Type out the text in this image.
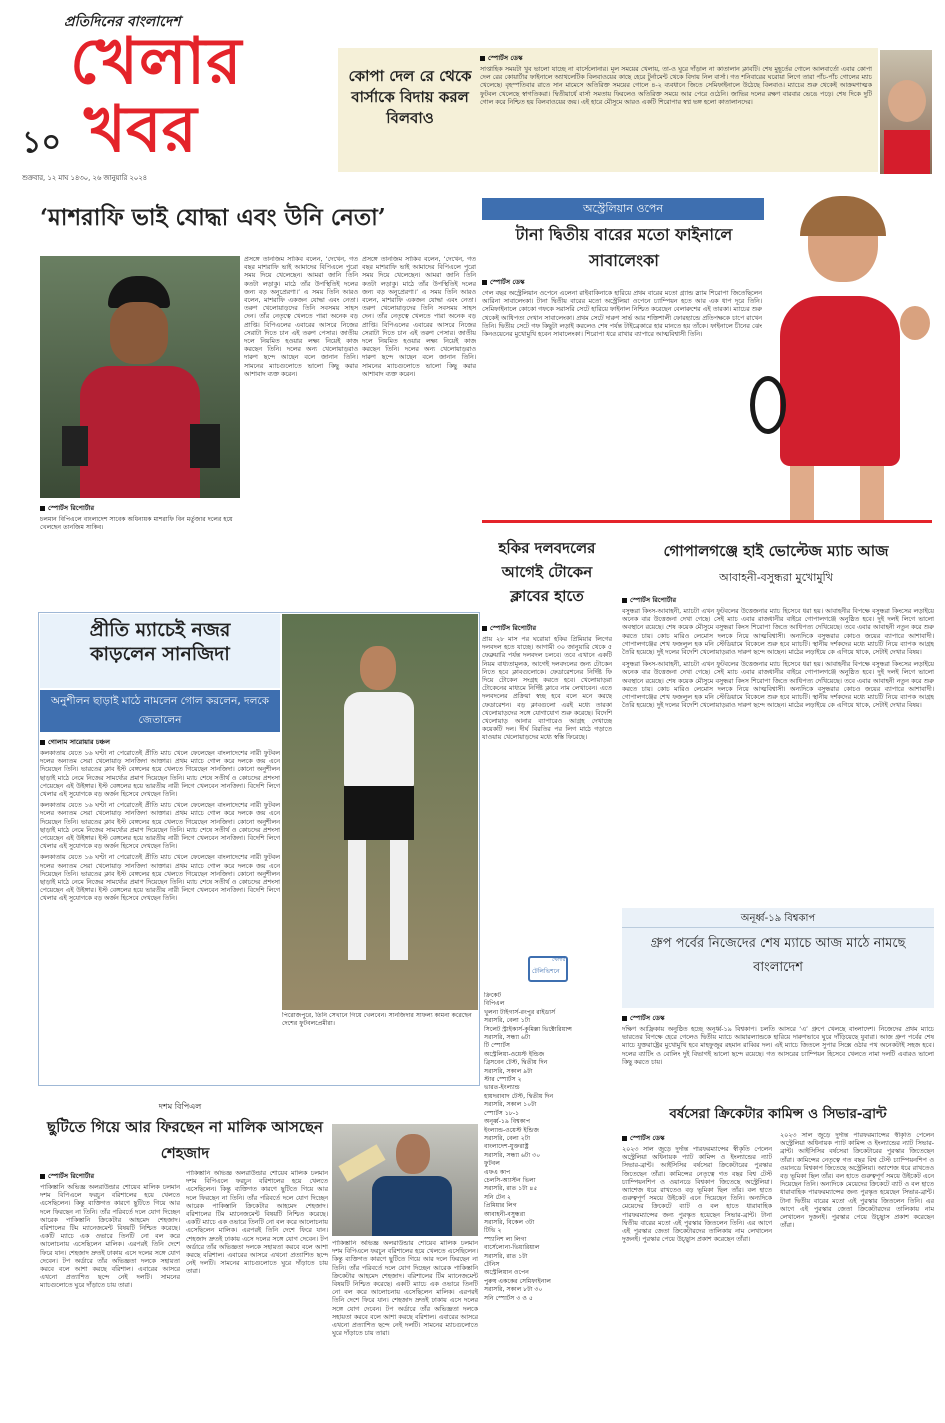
প্রতিদিনের বাংলাদেশ
খেলার
১০ খবর
শুক্রবার, ১২ মাঘ ১৪৩০, ২৬ জানুয়ারি ২০২৪
কোপা দেল রে থেকে বার্সাকে বিদায় করল বিলবাও
স্পোর্টস ডেস্ক
সাপ্তাহিক সময়টা খুব ভালো যাচ্ছে না বার্সেলোনার। মূল সময়ের খেলায়, তা-ও ঘুরে দাঁড়াল না কাতালান ক্লাবটি। শেষ মুহূর্তের গোলে আলবার্তো এবার কোপা দেল রের কোয়ার্টার ফাইনালে অ্যাথলেটিক বিলবাওয়ের কাছে হেরে টুর্নামেন্ট থেকে বিদায় নিল বার্সা। গত শনিবারের ঘরোয়া লিগে তারা পাঁচ-পাঁচ গোলের ম্যাচ খেলেছে। বৃহস্পতিবার রাতে সান মামেসে অতিরিক্ত সময়ের গোলে ৪-২ ব্যবধানে জিতে সেমিফাইনালে উঠেছে বিলবাও। ম্যাচের শুরু থেকেই আক্রমণাত্মক ফুটবল খেলেছে স্বাগতিকরা। দ্বিতীয়ার্ধে বার্সা সমতায় ফিরলেও অতিরিক্ত সময়ে আর পেরে ওঠেনি। জাভির দলের রক্ষণ বারবার ভেঙে পড়ে। শেষ দিকে দুটি গোল করে নিশ্চিত হয় বিলবাওয়ের জয়। এই হারে মৌসুমে আরও একটি শিরোপার স্বপ্ন ভঙ্গ হলো কাতালানদের।
‘মাশরাফি ভাই যোদ্ধা এবং উনি নেতা’
স্পোর্টস রিপোর্টার
চলমান বিপিএলে বাংলাদেশ সাবেক অধিনায়ক মাশরাফি বিন মর্তুজার দলের হয়ে খেলছেন তানজিম সাকিব।
প্রসঙ্গে তানজিম সাকিব বলেন, ‘দেখেন, গত বছর মাশরাফি ভাই আমাদের বিপিএলে পুরো সময় দিয়ে খেলেছেন। আমরা জানি তিনি কতটা লড়াকু। মাঠে তাঁর উপস্থিতিই দলের জন্য বড় অনুপ্রেরণা।’ এ সময় তিনি আরও বলেন, মাশরাফি একজন যোদ্ধা এবং নেতা। তরুণ খেলোয়াড়দের তিনি সবসময় সাহস দেন। তাঁর নেতৃত্বে খেলতে পারা অনেক বড় প্রাপ্তি। বিপিএলের এবারের আসরে নিজের সেরাটা দিতে চান এই তরুণ পেসার। জাতীয় দলে নিয়মিত হওয়ার লক্ষ্য নিয়েই কাজ করছেন তিনি। দলের অন্য খেলোয়াড়রাও দারুণ ছন্দে আছেন বলে জানান তিনি। সামনের ম্যাচগুলোতে ভালো কিছু করার আশাবাদ ব্যক্ত করেন।
প্রসঙ্গে তানজিম সাকিব বলেন, ‘দেখেন, গত বছর মাশরাফি ভাই আমাদের বিপিএলে পুরো সময় দিয়ে খেলেছেন। আমরা জানি তিনি কতটা লড়াকু। মাঠে তাঁর উপস্থিতিই দলের জন্য বড় অনুপ্রেরণা।’ এ সময় তিনি আরও বলেন, মাশরাফি একজন যোদ্ধা এবং নেতা। তরুণ খেলোয়াড়দের তিনি সবসময় সাহস দেন। তাঁর নেতৃত্বে খেলতে পারা অনেক বড় প্রাপ্তি। বিপিএলের এবারের আসরে নিজের সেরাটা দিতে চান এই তরুণ পেসার। জাতীয় দলে নিয়মিত হওয়ার লক্ষ্য নিয়েই কাজ করছেন তিনি। দলের অন্য খেলোয়াড়রাও দারুণ ছন্দে আছেন বলে জানান তিনি। সামনের ম্যাচগুলোতে ভালো কিছু করার আশাবাদ ব্যক্ত করেন।
অস্ট্রেলিয়ান ওপেন
টানা দ্বিতীয় বারের মতো ফাইনালে সাবালেংকা
স্পোর্টস ডেস্ক
গেল বছর অস্ট্রেলিয়ান ওপেনে এলেনা রাইবাকিনাকে হারিয়ে প্রথম বারের মতো গ্র্যান্ড স্ল্যাম শিরোপা জিতেছিলেন আরিনা সাবালেংকা। টানা দ্বিতীয় বারের মতো অস্ট্রেলিয়া ওপেনে চ্যাম্পিয়ন হতে আর এক ধাপ দূরে তিনি। সেমিফাইনালে কোকো গফকে সরাসরি সেটে হারিয়ে ফাইনাল নিশ্চিত করেছেন বেলারুশের এই তারকা। ম্যাচের শুরু থেকেই আধিপত্য দেখান সাবালেংকা। প্রথম সেটে দারুণ সার্ভ আর শক্তিশালী ফোরহ্যান্ডে প্রতিপক্ষকে চাপে রাখেন তিনি। দ্বিতীয় সেটে গফ কিছুটা লড়াই করলেও শেষ পর্যন্ত টাইব্রেকারে হার মানতে হয় তাঁকে। ফাইনালে চীনের ঝেং কিনওয়েনের মুখোমুখি হবেন সাবালেংকা। শিরোপা ধরে রাখার ব্যাপারে আত্মবিশ্বাসী তিনি।
হকির দলবদলের আগেই টোকেন ক্লাবের হাতে
স্পোর্টস রিপোর্টার
প্রায় ২৮ মাস পর ঘরোয়া হকির প্রিমিয়ার লিগের দলবদল হতে যাচ্ছে। আগামী ৩০ জানুয়ারি থেকে ৫ ফেব্রুয়ারি পর্যন্ত দলবদল চলবে। তবে এখানে একটি নিয়ম বাধ্যতামূলক, আগেই দলবদলের জন্য টোকেন নিতে হবে ক্লাবগুলোকে। ফেডারেশনের নির্দিষ্ট ফি দিয়ে টোকেন সংগ্রহ করতে হবে। খেলোয়াড়রা টোকেনের মাধ্যমে নির্দিষ্ট ক্লাবে নাম লেখাবেন। এতে দলবদলের প্রক্রিয়া স্বচ্ছ হবে বলে মনে করছে ফেডারেশন। বড় ক্লাবগুলো এরই মধ্যে তারকা খেলোয়াড়দের সঙ্গে যোগাযোগ শুরু করেছে। বিদেশি খেলোয়াড় আনার ব্যাপারেও আগ্রহ দেখাচ্ছে কয়েকটি দল। দীর্ঘ বিরতির পর লিগ মাঠে গড়াতে যাওয়ায় খেলোয়াড়দের মধ্যে স্বস্তি ফিরেছে।
গোপালগঞ্জে হাই ভোল্টেজ ম্যাচ আজ
আবাহনী-বসুন্ধরা মুখোমুখি
স্পোর্টস রিপোর্টার
বসুন্ধরা কিংস-আবাহনী, ম্যাচটা এখন ফুটবলের উত্তেজনার ম্যাচ হিসেবে ধরা হয়। আবাহনীর বিপক্ষে বসুন্ধরা কিংসের লড়াইয়ে অনেক বার উত্তেজনা দেখা গেছে। সেই ম্যাচ এবার রাজধানীর বাইরে গোপালগঞ্জে অনুষ্ঠিত হবে। দুই দলই লিগে ভালো অবস্থানে রয়েছে। শেষ কয়েক মৌসুমে বসুন্ধরা কিংস শিরোপা জিতে আধিপত্য দেখিয়েছে। তবে এবার আবাহনী নতুন করে শুরু করতে চায়। কোচ মারিও লেমোস দলকে নিয়ে আত্মবিশ্বাসী। অন্যদিকে বসুন্ধরার কোচও জয়ের ব্যাপারে আশাবাদী। গোপালগঞ্জের শেখ ফজলুল হক মনি স্টেডিয়ামে বিকেলে শুরু হবে ম্যাচটি। স্থানীয় দর্শকদের মধ্যে ম্যাচটি নিয়ে ব্যাপক আগ্রহ তৈরি হয়েছে। দুই দলের বিদেশি খেলোয়াড়রাও দারুণ ছন্দে আছেন। মাঠের লড়াইয়ে কে এগিয়ে থাকে, সেটাই দেখার বিষয়।
বসুন্ধরা কিংস-আবাহনী, ম্যাচটা এখন ফুটবলের উত্তেজনার ম্যাচ হিসেবে ধরা হয়। আবাহনীর বিপক্ষে বসুন্ধরা কিংসের লড়াইয়ে অনেক বার উত্তেজনা দেখা গেছে। সেই ম্যাচ এবার রাজধানীর বাইরে গোপালগঞ্জে অনুষ্ঠিত হবে। দুই দলই লিগে ভালো অবস্থানে রয়েছে। শেষ কয়েক মৌসুমে বসুন্ধরা কিংস শিরোপা জিতে আধিপত্য দেখিয়েছে। তবে এবার আবাহনী নতুন করে শুরু করতে চায়। কোচ মারিও লেমোস দলকে নিয়ে আত্মবিশ্বাসী। অন্যদিকে বসুন্ধরার কোচও জয়ের ব্যাপারে আশাবাদী। গোপালগঞ্জের শেখ ফজলুল হক মনি স্টেডিয়ামে বিকেলে শুরু হবে ম্যাচটি। স্থানীয় দর্শকদের মধ্যে ম্যাচটি নিয়ে ব্যাপক আগ্রহ তৈরি হয়েছে। দুই দলের বিদেশি খেলোয়াড়রাও দারুণ ছন্দে আছেন। মাঠের লড়াইয়ে কে এগিয়ে থাকে, সেটাই দেখার বিষয়।
অনূর্ধ্ব-১৯ বিশ্বকাপ
গ্রুপ পর্বের নিজেদের শেষ ম্যাচে আজ মাঠে নামছে বাংলাদেশ
স্পোর্টস ডেস্ক
দক্ষিণ আফ্রিকায় অনুষ্ঠিত হচ্ছে অনূর্ধ্ব-১৯ বিশ্বকাপ। চলতি আসরে ‘এ’ গ্রুপে খেলছে বাংলাদেশ। নিজেদের প্রথম ম্যাচে ভারতের বিপক্ষে হেরে গেলেও দ্বিতীয় ম্যাচে আয়ারল্যান্ডকে হারিয়ে দারুণভাবে ঘুরে দাঁড়িয়েছে যুবারা। আজ গ্রুপ পর্বের শেষ ম্যাচে যুক্তরাষ্ট্রের মুখোমুখি হবে মাহফুজুর রহমান রাব্বির দল। এই ম্যাচে জিতলে সুপার সিক্সে ওঠার পথ অনেকটাই সহজ হবে। দলের ব্যাটিং ও বোলিং দুই বিভাগই ভালো ছন্দে রয়েছে। গত আসরের চ্যাম্পিয়ন হিসেবে খেলতে নামা দলটি এবারও ভালো কিছু করতে চায়।
বর্ষসেরা ক্রিকেটার কামিন্স ও সিভার-ব্রান্ট
স্পোর্টস ডেস্ক
২০২৩ সাল জুড়ে দুর্দান্ত পারফরম্যান্সের স্বীকৃতি পেলেন অস্ট্রেলিয়া অধিনায়ক প্যাট কামিন্স ও ইংল্যান্ডের ন্যাট সিভার-ব্রান্ট। আইসিসির বর্ষসেরা ক্রিকেটারের পুরস্কার জিতেছেন তাঁরা। কামিন্সের নেতৃত্বে গত বছর বিশ্ব টেস্ট চ্যাম্পিয়নশিপ ও ওয়ানডে বিশ্বকাপ জিতেছে অস্ট্রেলিয়া। অ্যাশেজ ধরে রাখতেও বড় ভূমিকা ছিল তাঁর। বল হাতে গুরুত্বপূর্ণ সময়ে উইকেট এনে দিয়েছেন তিনি। অন্যদিকে মেয়েদের ক্রিকেটে ব্যাট ও বল হাতে ধারাবাহিক পারফরম্যান্সের জন্য পুরস্কৃত হয়েছেন সিভার-ব্রান্ট। টানা দ্বিতীয় বারের মতো এই পুরস্কার জিতলেন তিনি। এর আগে এই পুরস্কার জেতা ক্রিকেটারদের তালিকায় নাম লেখালেন দুজনই। পুরস্কার পেয়ে উচ্ছ্বাস প্রকাশ করেছেন তাঁরা।
২০২৩ সাল জুড়ে দুর্দান্ত পারফরম্যান্সের স্বীকৃতি পেলেন অস্ট্রেলিয়া অধিনায়ক প্যাট কামিন্স ও ইংল্যান্ডের ন্যাট সিভার-ব্রান্ট। আইসিসির বর্ষসেরা ক্রিকেটারের পুরস্কার জিতেছেন তাঁরা। কামিন্সের নেতৃত্বে গত বছর বিশ্ব টেস্ট চ্যাম্পিয়নশিপ ও ওয়ানডে বিশ্বকাপ জিতেছে অস্ট্রেলিয়া। অ্যাশেজ ধরে রাখতেও বড় ভূমিকা ছিল তাঁর। বল হাতে গুরুত্বপূর্ণ সময়ে উইকেট এনে দিয়েছেন তিনি। অন্যদিকে মেয়েদের ক্রিকেটে ব্যাট ও বল হাতে ধারাবাহিক পারফরম্যান্সের জন্য পুরস্কৃত হয়েছেন সিভার-ব্রান্ট। টানা দ্বিতীয় বারের মতো এই পুরস্কার জিতলেন তিনি। এর আগে এই পুরস্কার জেতা ক্রিকেটারদের তালিকায় নাম লেখালেন দুজনই। পুরস্কার পেয়ে উচ্ছ্বাস প্রকাশ করেছেন তাঁরা।
প্রীতি ম্যাচেই নজর কাড়লেন সানজিদা
অনুশীলন ছাড়াই মাঠে নামলেন গোল করলেন, দলকে জেতালেন
গোলাম সারোয়ার চঞ্চল
কলকাতায় যেতে ১৬ ঘণ্টা না পেরোতেই প্রীতি ম্যাচ খেলে ফেলেছেন বাংলাদেশের নারী ফুটবল দলের অন্যতম সেরা খেলোয়াড় সানজিদা আক্তার। প্রথম ম্যাচে গোল করে দলকে জয় এনে দিয়েছেন তিনি। ভারতের ক্লাব ইস্ট বেঙ্গলের হয়ে খেলতে গিয়েছেন সানজিদা। কোনো অনুশীলন ছাড়াই মাঠে নেমে নিজের সামর্থ্যের প্রমাণ দিয়েছেন তিনি। ম্যাচ শেষে সতীর্থ ও কোচদের প্রশংসা পেয়েছেন এই উইঙ্গার। ইস্ট বেঙ্গলের হয়ে ভারতীয় নারী লিগে খেলবেন সানজিদা। বিদেশি লিগে খেলার এই সুযোগকে বড় অর্জন হিসেবে দেখছেন তিনি।
কলকাতায় যেতে ১৬ ঘণ্টা না পেরোতেই প্রীতি ম্যাচ খেলে ফেলেছেন বাংলাদেশের নারী ফুটবল দলের অন্যতম সেরা খেলোয়াড় সানজিদা আক্তার। প্রথম ম্যাচে গোল করে দলকে জয় এনে দিয়েছেন তিনি। ভারতের ক্লাব ইস্ট বেঙ্গলের হয়ে খেলতে গিয়েছেন সানজিদা। কোনো অনুশীলন ছাড়াই মাঠে নেমে নিজের সামর্থ্যের প্রমাণ দিয়েছেন তিনি। ম্যাচ শেষে সতীর্থ ও কোচদের প্রশংসা পেয়েছেন এই উইঙ্গার। ইস্ট বেঙ্গলের হয়ে ভারতীয় নারী লিগে খেলবেন সানজিদা। বিদেশি লিগে খেলার এই সুযোগকে বড় অর্জন হিসেবে দেখছেন তিনি।
কলকাতায় যেতে ১৬ ঘণ্টা না পেরোতেই প্রীতি ম্যাচ খেলে ফেলেছেন বাংলাদেশের নারী ফুটবল দলের অন্যতম সেরা খেলোয়াড় সানজিদা আক্তার। প্রথম ম্যাচে গোল করে দলকে জয় এনে দিয়েছেন তিনি। ভারতের ক্লাব ইস্ট বেঙ্গলের হয়ে খেলতে গিয়েছেন সানজিদা। কোনো অনুশীলন ছাড়াই মাঠে নেমে নিজের সামর্থ্যের প্রমাণ দিয়েছেন তিনি। ম্যাচ শেষে সতীর্থ ও কোচদের প্রশংসা পেয়েছেন এই উইঙ্গার। ইস্ট বেঙ্গলের হয়ে ভারতীয় নারী লিগে খেলবেন সানজিদা। বিদেশি লিগে খেলার এই সুযোগকে বড় অর্জন হিসেবে দেখছেন তিনি।
পিরোজপুরে, তিনি সেখানে গিয়ে খেলবেন। সানজিদার সাফল্য কামনা করেছেন দেশের ফুটবলপ্রেমীরা।
খেলার
টেলিভিশনে
ক্রিকেট
বিপিএল
খুলনা টাইগার্স-রংপুর রাইডার্স
সরাসরি, বেলা ১টা
সিলেট স্ট্রাইকার্স-কুমিল্লা ভিক্টোরিয়ান্স
সরাসরি, সন্ধ্যা ৬টা
টি স্পোর্টস
অস্ট্রেলিয়া-ওয়েস্ট ইন্ডিজ
ব্রিসবেন টেস্ট, দ্বিতীয় দিন
সরাসরি, সকাল ৯টা
স্টার স্পোর্টস ২
ভারত-ইংল্যান্ড
হায়দরাবাদ টেস্ট, দ্বিতীয় দিন
সরাসরি, সকাল ১০টা
স্পোর্টস ১৮-১
অনূর্ধ্ব-১৯ বিশ্বকাপ
ইংল্যান্ড-ওয়েস্ট ইন্ডিজ
সরাসরি, বেলা ২টা
বাংলাদেশ-যুক্তরাষ্ট্র
সরাসরি, সন্ধ্যা ৬টা ৩০
ফুটবল
এফএ কাপ
চেলসি-অ্যাস্টন ভিলা
সরাসরি, রাত ১টা ৪৫
সনি টেন ২
প্রিমিয়ার লিগ
আবাহনী-বসুন্ধরা
সরাসরি, বিকেল ৩টা
টিভি ২
স্প্যানিশ লা লিগা
বার্সেলোনা-ভিয়ারিয়াল
সরাসরি, রাত ১টা
টেনিস
অস্ট্রেলিয়ান ওপেন
পুরুষ এককের সেমিফাইনাল
সরাসরি, সকাল ৮টা ৩০
সনি স্পোর্টস ৩ ও ৫
দশম বিপিএল
ছুটিতে গিয়ে আর ফিরছেন না মালিক আসছেন শেহজাদ
স্পোর্টস রিপোর্টার
পাকিস্তানি অভিজ্ঞ অলরাউন্ডার শোয়েব মালিক চলমান দশম বিপিএলে ফরচুন বরিশালের হয়ে খেলতে এসেছিলেন। কিন্তু ব্যক্তিগত কারণে ছুটিতে গিয়ে আর দলে ফিরছেন না তিনি। তাঁর পরিবর্তে দলে যোগ দিচ্ছেন আরেক পাকিস্তানি ক্রিকেটার আহমেদ শেহজাদ। বরিশালের টিম ম্যানেজমেন্ট বিষয়টি নিশ্চিত করেছে। একটি ম্যাচে এক ওভারে তিনটি নো বল করে আলোচনায় এসেছিলেন মালিক। এরপরই তিনি দেশে ফিরে যান। শেহজাদ দ্রুতই ঢাকায় এসে দলের সঙ্গে যোগ দেবেন। টপ অর্ডারে তাঁর অভিজ্ঞতা দলকে সহায়তা করবে বলে আশা করছে বরিশাল। এবারের আসরে এখনো প্রত্যাশিত ছন্দে নেই দলটি। সামনের ম্যাচগুলোতে ঘুরে দাঁড়াতে চায় তারা।
পাকিস্তানি অভিজ্ঞ অলরাউন্ডার শোয়েব মালিক চলমান দশম বিপিএলে ফরচুন বরিশালের হয়ে খেলতে এসেছিলেন। কিন্তু ব্যক্তিগত কারণে ছুটিতে গিয়ে আর দলে ফিরছেন না তিনি। তাঁর পরিবর্তে দলে যোগ দিচ্ছেন আরেক পাকিস্তানি ক্রিকেটার আহমেদ শেহজাদ। বরিশালের টিম ম্যানেজমেন্ট বিষয়টি নিশ্চিত করেছে। একটি ম্যাচে এক ওভারে তিনটি নো বল করে আলোচনায় এসেছিলেন মালিক। এরপরই তিনি দেশে ফিরে যান। শেহজাদ দ্রুতই ঢাকায় এসে দলের সঙ্গে যোগ দেবেন। টপ অর্ডারে তাঁর অভিজ্ঞতা দলকে সহায়তা করবে বলে আশা করছে বরিশাল। এবারের আসরে এখনো প্রত্যাশিত ছন্দে নেই দলটি। সামনের ম্যাচগুলোতে ঘুরে দাঁড়াতে চায় তারা।
পাকিস্তানি অভিজ্ঞ অলরাউন্ডার শোয়েব মালিক চলমান দশম বিপিএলে ফরচুন বরিশালের হয়ে খেলতে এসেছিলেন। কিন্তু ব্যক্তিগত কারণে ছুটিতে গিয়ে আর দলে ফিরছেন না তিনি। তাঁর পরিবর্তে দলে যোগ দিচ্ছেন আরেক পাকিস্তানি ক্রিকেটার আহমেদ শেহজাদ। বরিশালের টিম ম্যানেজমেন্ট বিষয়টি নিশ্চিত করেছে। একটি ম্যাচে এক ওভারে তিনটি নো বল করে আলোচনায় এসেছিলেন মালিক। এরপরই তিনি দেশে ফিরে যান। শেহজাদ দ্রুতই ঢাকায় এসে দলের সঙ্গে যোগ দেবেন। টপ অর্ডারে তাঁর অভিজ্ঞতা দলকে সহায়তা করবে বলে আশা করছে বরিশাল। এবারের আসরে এখনো প্রত্যাশিত ছন্দে নেই দলটি। সামনের ম্যাচগুলোতে ঘুরে দাঁড়াতে চায় তারা।
